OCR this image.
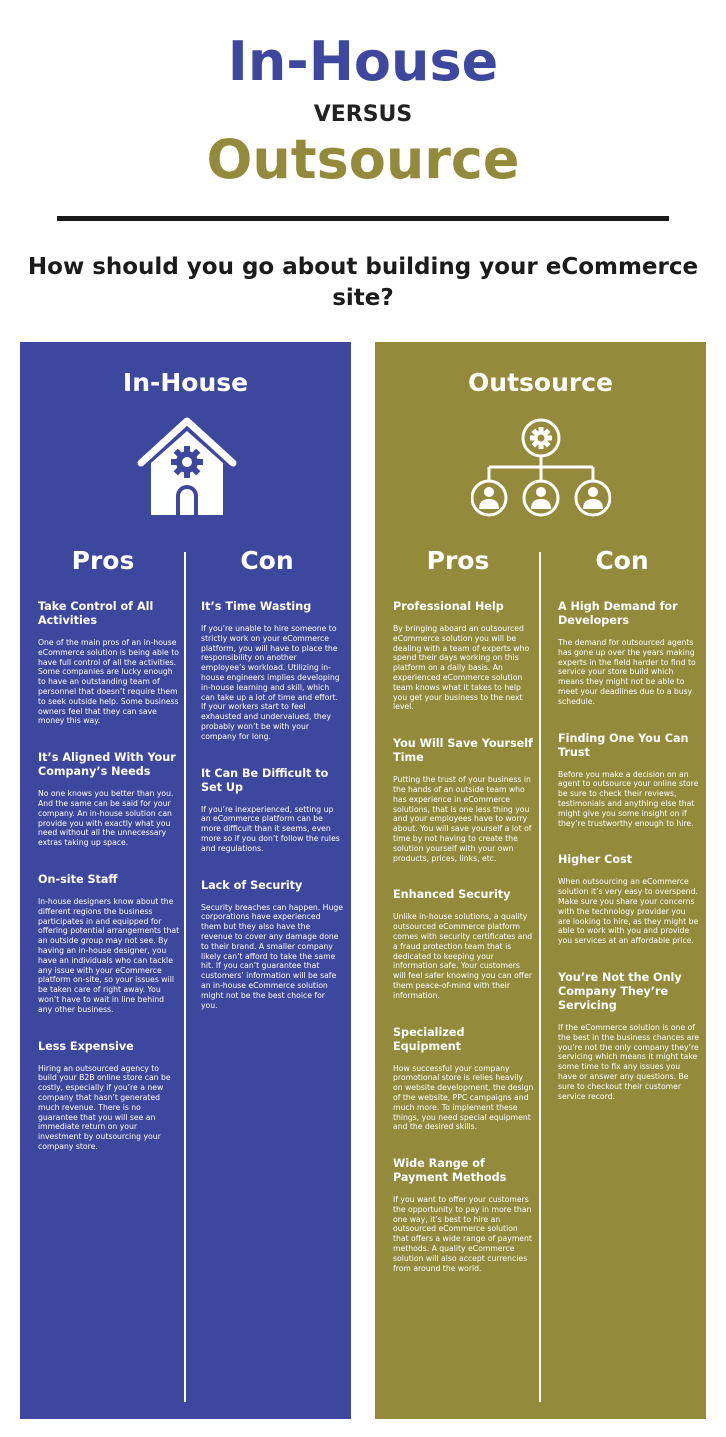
In-House
VERSUS
Outsource
How should you go about building your eCommerce site?
In-House
Pros	Con
Take Control of All Activities

One of the main pros of an in-house eCommerce solution is being able to have full control of all the activities. Some companies are lucky enough to have an outstanding team of personnel that doesn’t require them to seek outside help. Some business owners feel that they can save money this way.

It’s Aligned With Your Company’s Needs

No one knows you better than you. And the same can be said for your company. An in-house solution can provide you with exactly what you need without all the unnecessary extras taking up space.

On-site Staff

In-house designers know about the different regions the business participates in and equipped for offering potential arrangements that an outside group may not see. By having an in-house designer, you have an individuals who can tackle any issue with your eCommerce platform on-site, so your issues will be taken care of right away. You won’t have to wait in line behind any other business.

Less Expensive

Hiring an outsourced agency to build your B2B online store can be costly, especially if you’re a new company that hasn’t generated much revenue. There is no guarantee that you will see an immediate return on your investment by outsourcing your company store.

It’s Time Wasting

If you’re unable to hire someone to strictly work on your eCommerce platform, you will have to place the responsibility on another employee’s workload. Utilizing in-house engineers implies developing in-house learning and skill, which can take up a lot of time and effort. If your workers start to feel exhausted and undervalued, they probably won’t be with your company for long.

It Can Be Difficult to Set Up

If you’re inexperienced, setting up an eCommerce platform can be more difficult than it seems, even more so if you don’t follow the rules and regulations.

Lack of Security

Security breaches can happen. Huge corporations have experienced them but they also have the revenue to cover any damage done to their brand. A smaller company likely can’t afford to take the same hit. If you can’t guarantee that customers’ information will be safe an in-house eCommerce solution might not be the best choice for you.

Outsource
Pros	Con
Professional Help

By bringing aboard an outsourced eCommerce solution you will be dealing with a team of experts who spend their days working on this platform on a daily basis. An experienced eCommerce solution team knows what it takes to help you get your business to the next level.

You Will Save Yourself Time

Putting the trust of your business in the hands of an outside team who has experience in eCommerce solutions, that is one less thing you and your employees have to worry about. You will save yourself a lot of time by not having to create the solution yourself with your own products, prices, links, etc.

Enhanced Security

Unlike in-house solutions, a quality outsourced eCommerce platform comes with security certificates and a fraud protection team that is dedicated to keeping your information safe. Your customers will feel safer knowing you can offer them peace-of-mind with their information.

Specialized Equipment

How successful your company promotional store is relies heavily on website development, the design of the website, PPC campaigns and much more. To implement these things, you need special equipment and the desired skills.

Wide Range of Payment Methods

If you want to offer your customers the opportunity to pay in more than one way, it’s best to hire an outsourced eCommerce solution that offers a wide range of payment methods. A quality eCommerce solution will also accept currencies from around the world.

A High Demand for Developers

The demand for outsourced agents has gone up over the years making experts in the field harder to find to service your store build which means they might not be able to meet your deadlines due to a busy schedule.

Finding One You Can Trust

Before you make a decision on an agent to outsource your online store be sure to check their reviews, testimonials and anything else that might give you some insight on if they’re trustworthy enough to hire.

Higher Cost

When outsourcing an eCommerce solution it’s very easy to overspend. Make sure you share your concerns with the technology provider you are looking to hire, as they might be able to work with you and provide you services at an affordable price.

You’re Not the Only Company They’re Servicing

If the eCommerce solution is one of the best in the business chances are you’re not the only company they’re servicing which means it might take some time to fix any issues you have or answer any questions. Be sure to checkout their customer service record.
